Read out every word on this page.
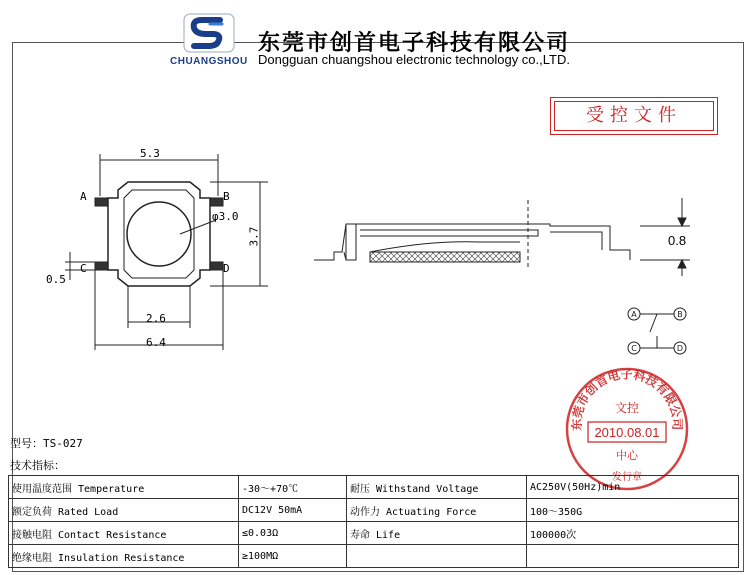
CHUANGSHOU
东莞市创首电子科技有限公司
Dongguan chuangshou electronic technology co.,LTD.
受控文件
5.3
3.7
φ3.0
2.6
6.4
0.5
A	B
C	D
0.8
A	B
C	D
东莞市创首电子科技有限公司
文控
2010.08.01
中心
发行章
型号：TS-027
技术指标：
使用温度范围 Temperature	-30～+70℃	耐压 Withstand Voltage	AC250V(50Hz)min
额定负荷 Rated Load	DC12V 50mA	动作力 Actuating Force	100～350G
接触电阻 Contact Resistance	≤0.03Ω	寿命 Life	100000次
绝缘电阻 Insulation Resistance	≥100MΩ		
